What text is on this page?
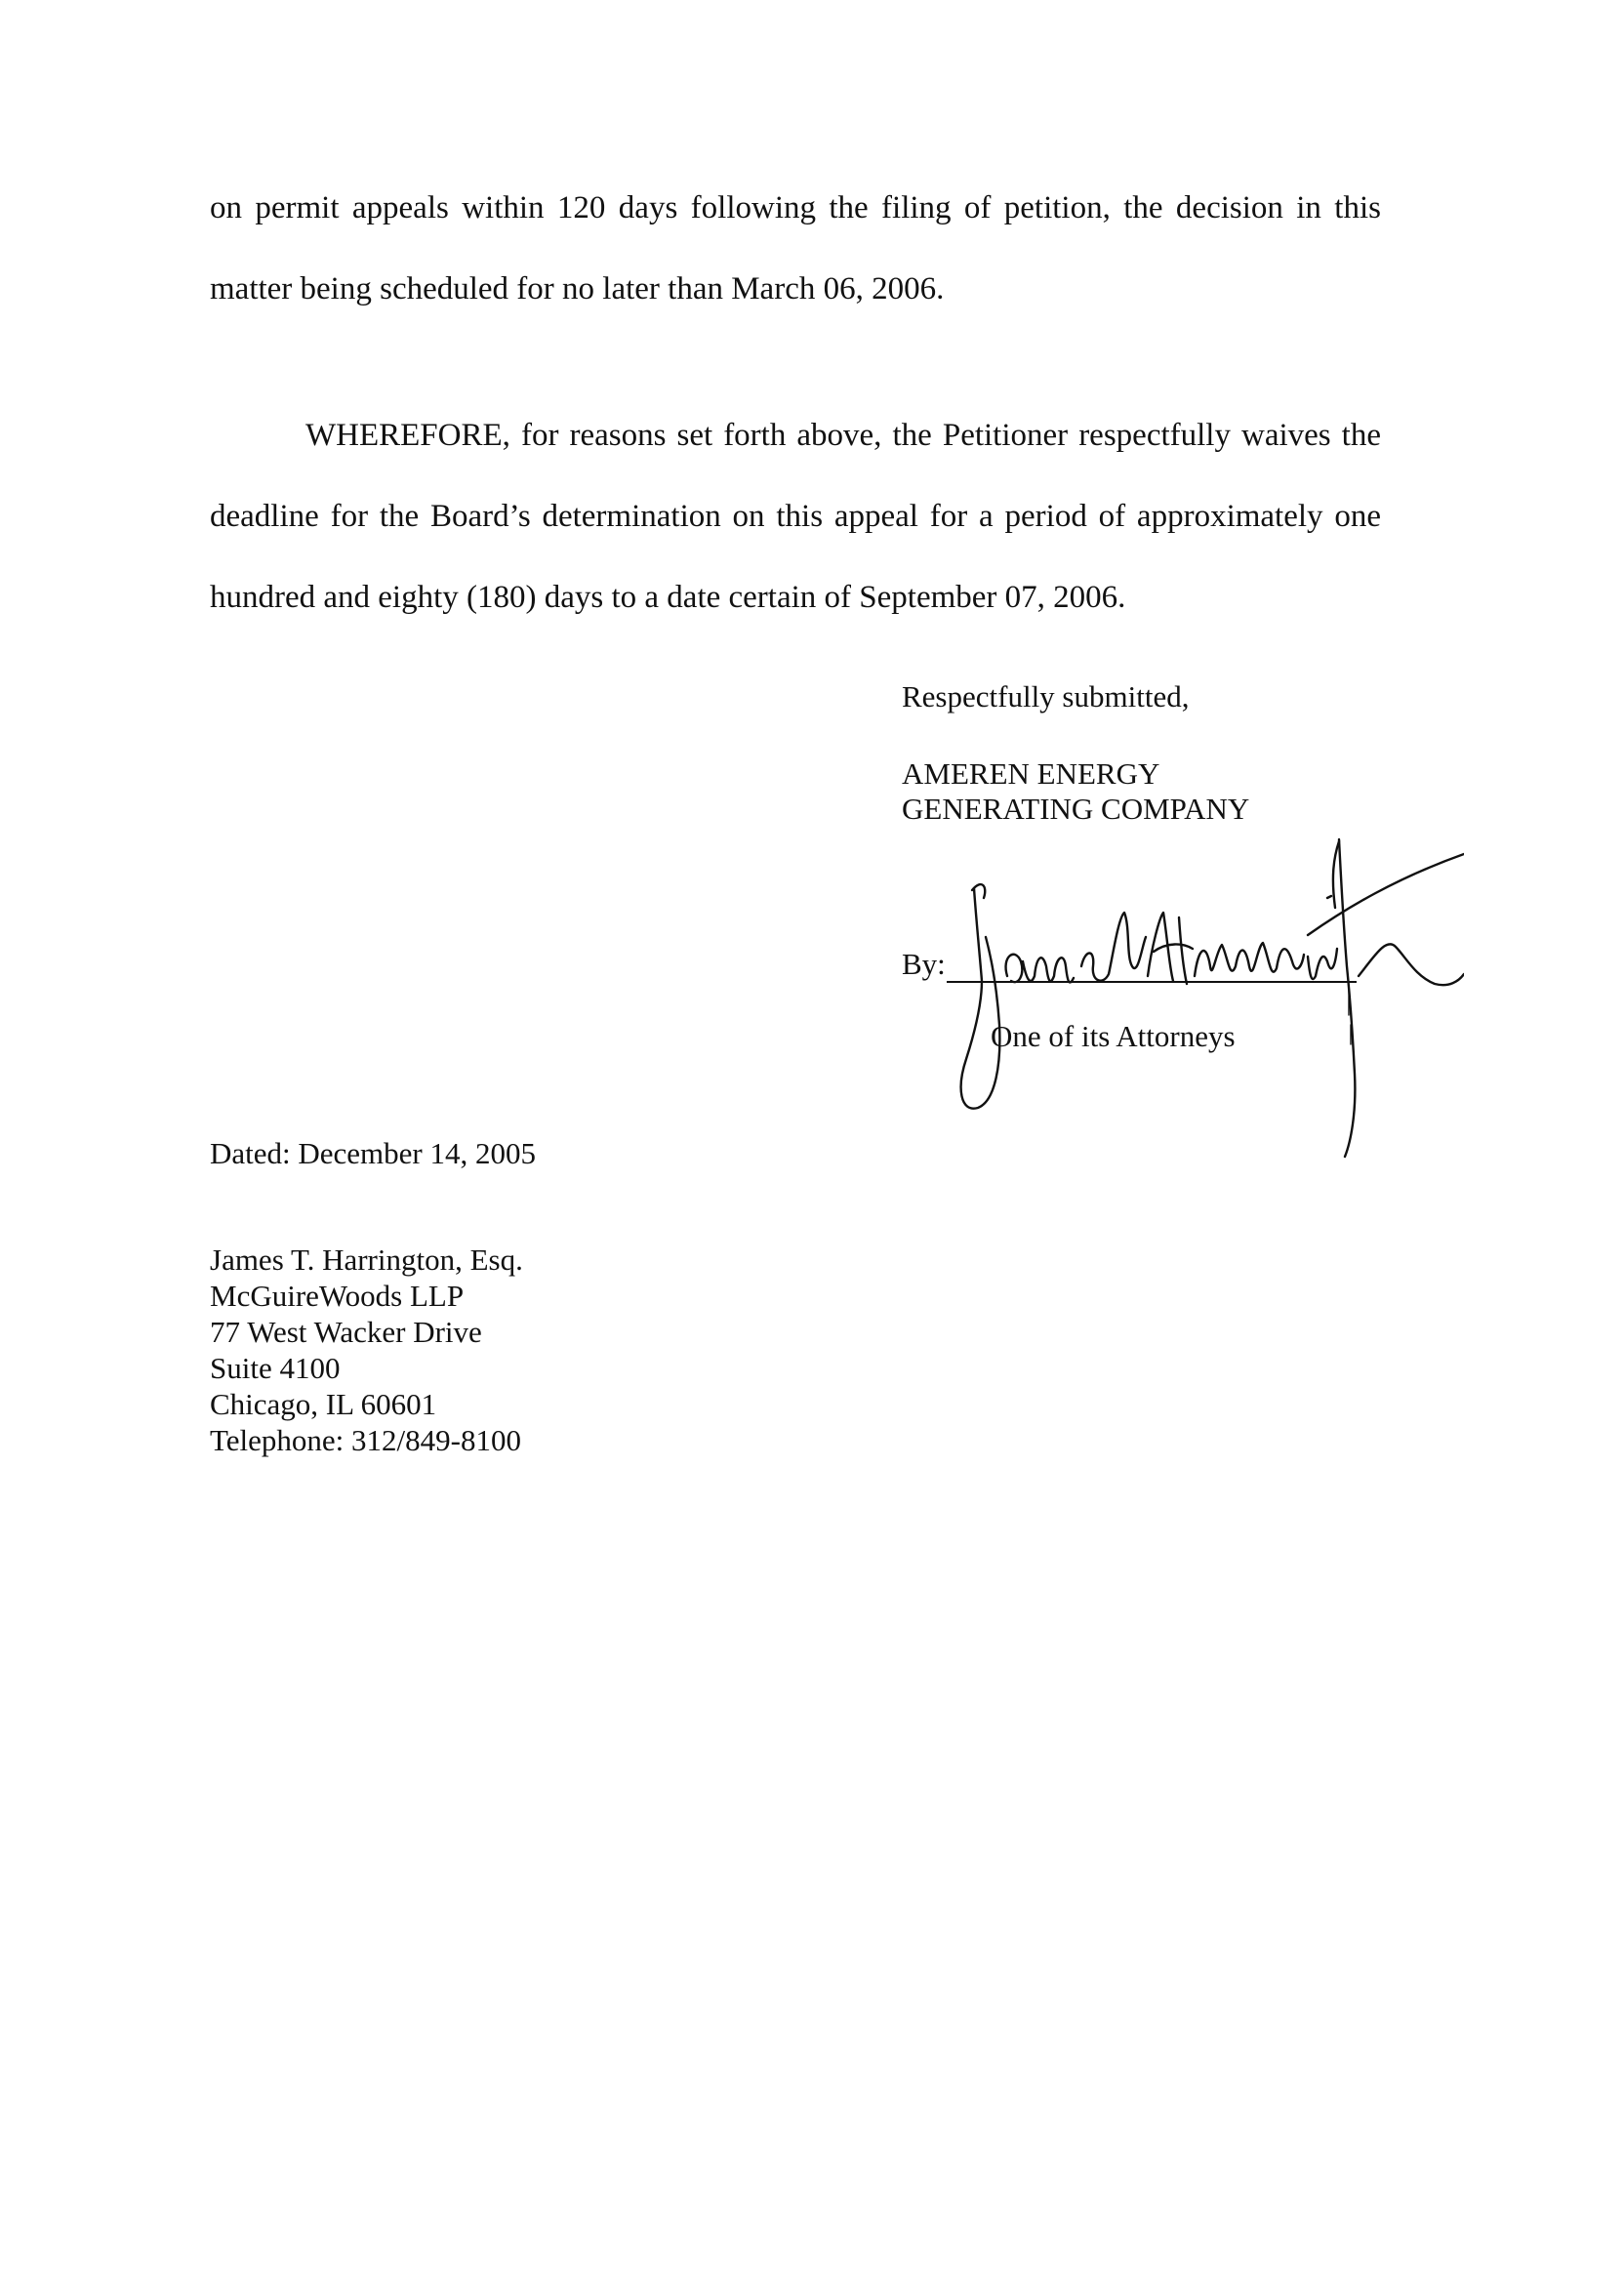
on permit appeals within 120 days following the filing of petition, the decision in this
matter being scheduled for no later than March 06, 2006.
WHEREFORE, for reasons set forth above, the Petitioner respectfully waives the
deadline for the Board’s determination on this appeal for a period of approximately one
hundred and eighty (180) days to a date certain of September 07, 2006.
Respectfully submitted,
AMEREN ENERGY
GENERATING COMPANY
By:
One of its Attorneys
Dated: December 14, 2005
James T. Harrington, Esq.
McGuireWoods LLP
77 West Wacker Drive
Suite 4100
Chicago, IL 60601
Telephone: 312/849-8100
